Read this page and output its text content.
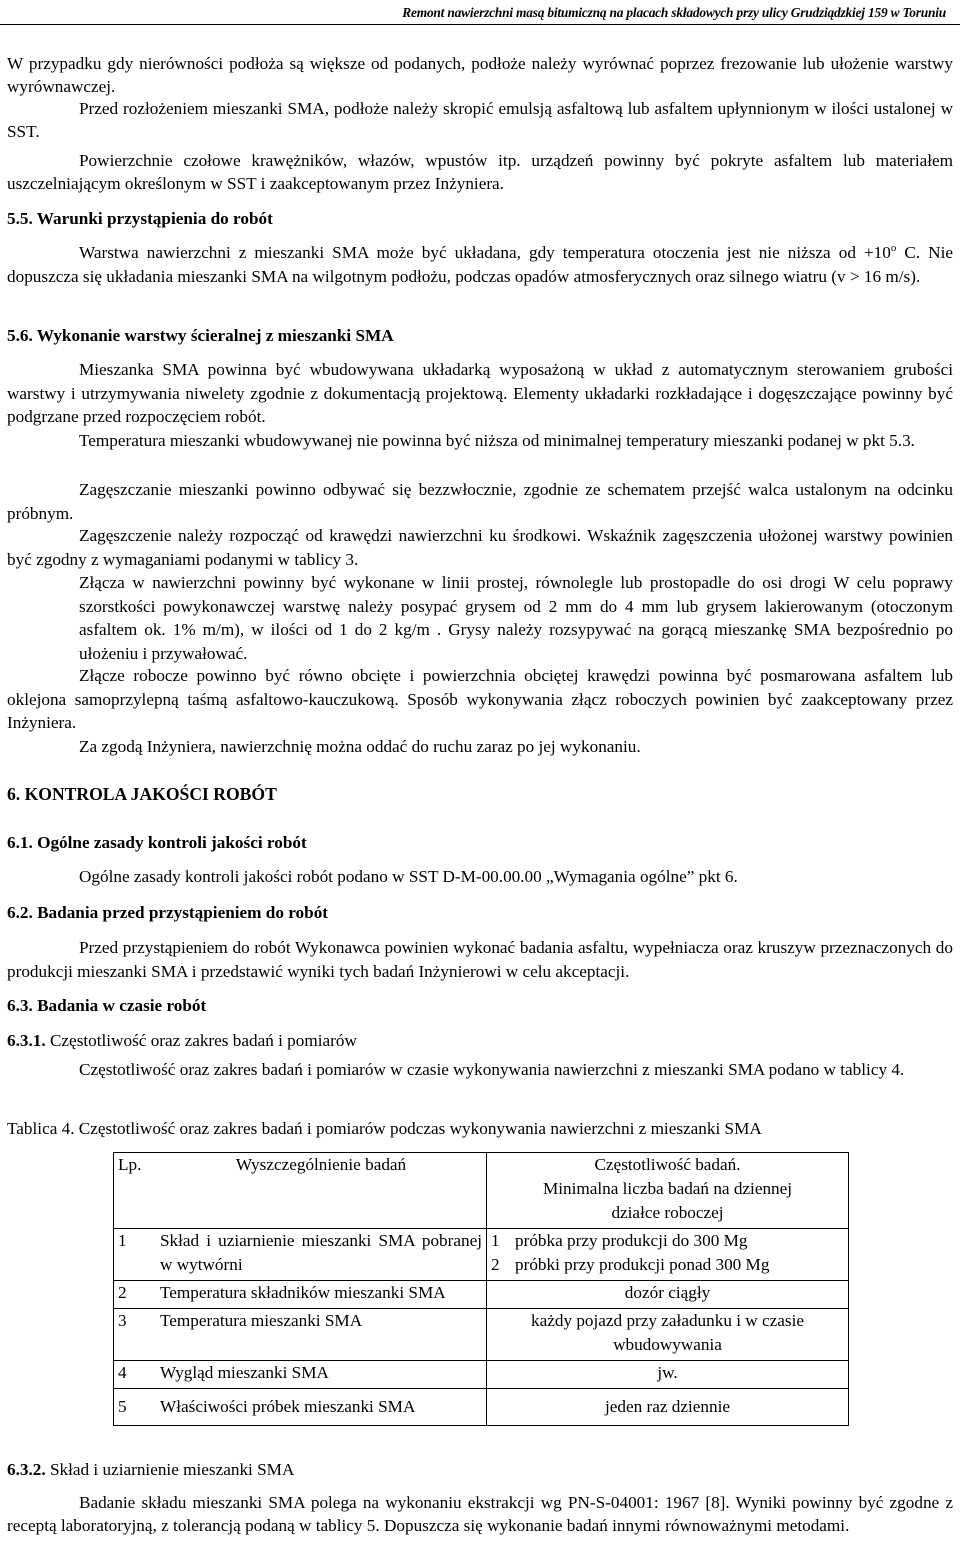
Remont nawierzchni masą bitumiczną na placach składowych przy ulicy Grudziądzkiej 159 w Toruniu

W przypadku gdy nierówności podłoża są większe od podanych, podłoże należy wyrównać poprzez frezowanie lub ułożenie warstwy wyrównawczej.

Przed rozłożeniem mieszanki SMA, podłoże należy skropić emulsją asfaltową lub asfaltem upłynnionym w ilości ustalonej w SST.

Powierzchnie czołowe krawężników, włazów, wpustów itp. urządzeń powinny być pokryte asfaltem lub materiałem uszczelniającym określonym w SST i zaakceptowanym przez Inżyniera.

5.5. Warunki przystąpienia do robót

Warstwa nawierzchni z mieszanki SMA może być układana, gdy temperatura otoczenia jest nie niższa od $+10^o$ C. Nie dopuszcza się układania mieszanki SMA na wilgotnym podłożu, podczas opadów atmosferycznych oraz silnego wiatru (v > 16 m/s).

5.6. Wykonanie warstwy ścieralnej z mieszanki SMA

Mieszanka SMA powinna być wbudowywana układarką wyposażoną w układ z automatycznym sterowaniem grubości warstwy i utrzymywania niwelety zgodnie z dokumentacją projektową. Elementy układarki rozkładające i dogęszczające powinny być podgrzane przed rozpoczęciem robót.

Temperatura mieszanki wbudowywanej nie powinna być niższa od minimalnej temperatury mieszanki podanej w pkt 5.3.

Zagęszczanie mieszanki powinno odbywać się bezzwłocznie, zgodnie ze schematem przejść walca ustalonym na odcinku próbnym.

Zagęszczenie należy rozpocząć od krawędzi nawierzchni ku środkowi. Wskaźnik zagęszczenia ułożonej warstwy powinien być zgodny z wymaganiami podanymi w tablicy 3.

Złącza w nawierzchni powinny być wykonane w linii prostej, równolegle lub prostopadle do osi drogi W celu poprawy szorstkości powykonawczej warstwę należy posypać grysem od 2 mm do 4 mm lub grysem lakierowanym (otoczonym asfaltem ok. 1% m/m), w ilości od 1 do 2 kg/m . Grysy należy rozsypywać na gorącą mieszankę SMA bezpośrednio po ułożeniu i przywałować.

Złącze robocze powinno być równo obcięte i powierzchnia obciętej krawędzi powinna być posmarowana asfaltem lub oklejona samoprzylepną taśmą asfaltowo-kauczukową. Sposób wykonywania złącz roboczych powinien być zaakceptowany przez Inżyniera.

Za zgodą Inżyniera, nawierzchnię można oddać do ruchu zaraz po jej wykonaniu.

6. KONTROLA JAKOŚCI ROBÓT
6.1. Ogólne zasady kontroli jakości robót

Ogólne zasady kontroli jakości robót podano w SST D-M-00.00.00 „Wymagania ogólne” pkt 6.

6.2. Badania przed przystąpieniem do robót

Przed przystąpieniem do robót Wykonawca powinien wykonać badania asfaltu, wypełniacza oraz kruszyw przeznaczonych do produkcji mieszanki SMA i przedstawić wyniki tych badań Inżynierowi w celu akceptacji.

6.3. Badania w czasie robót
6.3.1. Częstotliwość oraz zakres badań i pomiarów

Częstotliwość oraz zakres badań i pomiarów w czasie wykonywania nawierzchni z mieszanki SMA podano w tablicy 4.

Tablica 4. Częstotliwość oraz zakres badań i pomiarów podczas wykonywania nawierzchni z mieszanki SMA
Lp.	Wyszczególnienie badań	Częstotliwość badań.
Minimalna liczba badań na dziennej
działce roboczej

1	Skład i uziarnienie mieszanki SMA pobranej w wytwórni	1 próbka przy produkcji do 300 Mg
2 próbki przy produkcji ponad 300 Mg

2	Temperatura składników mieszanki SMA	dozór ciągły
3	Temperatura mieszanki SMA	każdy pojazd przy załadunku i w czasie wbudowywania
4	Wygląd mieszanki SMA	jw.
5	Właściwości próbek mieszanki SMA	jeden raz dziennie
6.3.2. Skład i uziarnienie mieszanki SMA

Badanie składu mieszanki SMA polega na wykonaniu ekstrakcji wg PN-S-04001: 1967 [8]. Wyniki powinny być zgodne z receptą laboratoryjną, z tolerancją podaną w tablicy 5. Dopuszcza się wykonanie badań innymi równoważnymi metodami.
